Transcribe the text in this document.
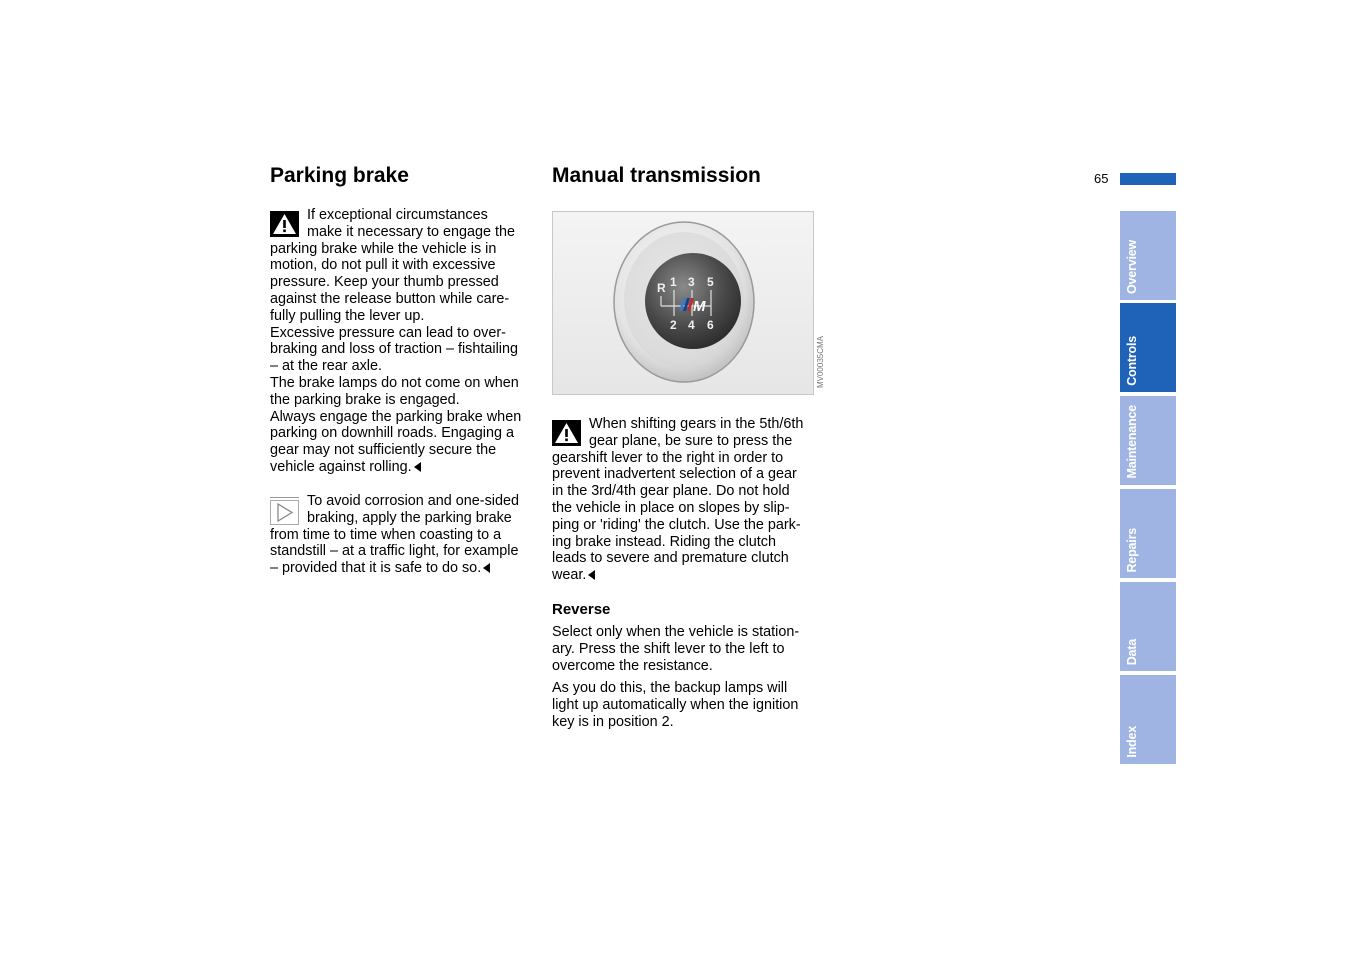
65
Parking brake
If exceptional circumstances
make it necessary to engage the
parking brake while the vehicle is in
motion, do not pull it with excessive
pressure. Keep your thumb pressed
against the release button while care-
fully pulling the lever up.
Excessive pressure can lead to over-
braking and loss of traction – fishtailing
– at the rear axle.
The brake lamps do not come on when
the parking brake is engaged.
Always engage the parking brake when
parking on downhill roads. Engaging a
gear may not sufficiently secure the
vehicle against rolling.
To avoid corrosion and one-sided
braking, apply the parking brake
from time to time when coasting to a
standstill – at a traffic light, for example
– provided that it is safe to do so.
Manual transmission
R 1 3 5
2 4 6
M
MV00035CMA
When shifting gears in the 5th/6th
gear plane, be sure to press the
gearshift lever to the right in order to
prevent inadvertent selection of a gear
in the 3rd/4th gear plane. Do not hold
the vehicle in place on slopes by slip-
ping or 'riding' the clutch. Use the park-
ing brake instead. Riding the clutch
leads to severe and premature clutch
wear.
Reverse
Select only when the vehicle is station-
ary. Press the shift lever to the left to
overcome the resistance.
As you do this, the backup lamps will
light up automatically when the ignition
key is in position 2.
Overview
Controls
Maintenance
Repairs
Data
Index
